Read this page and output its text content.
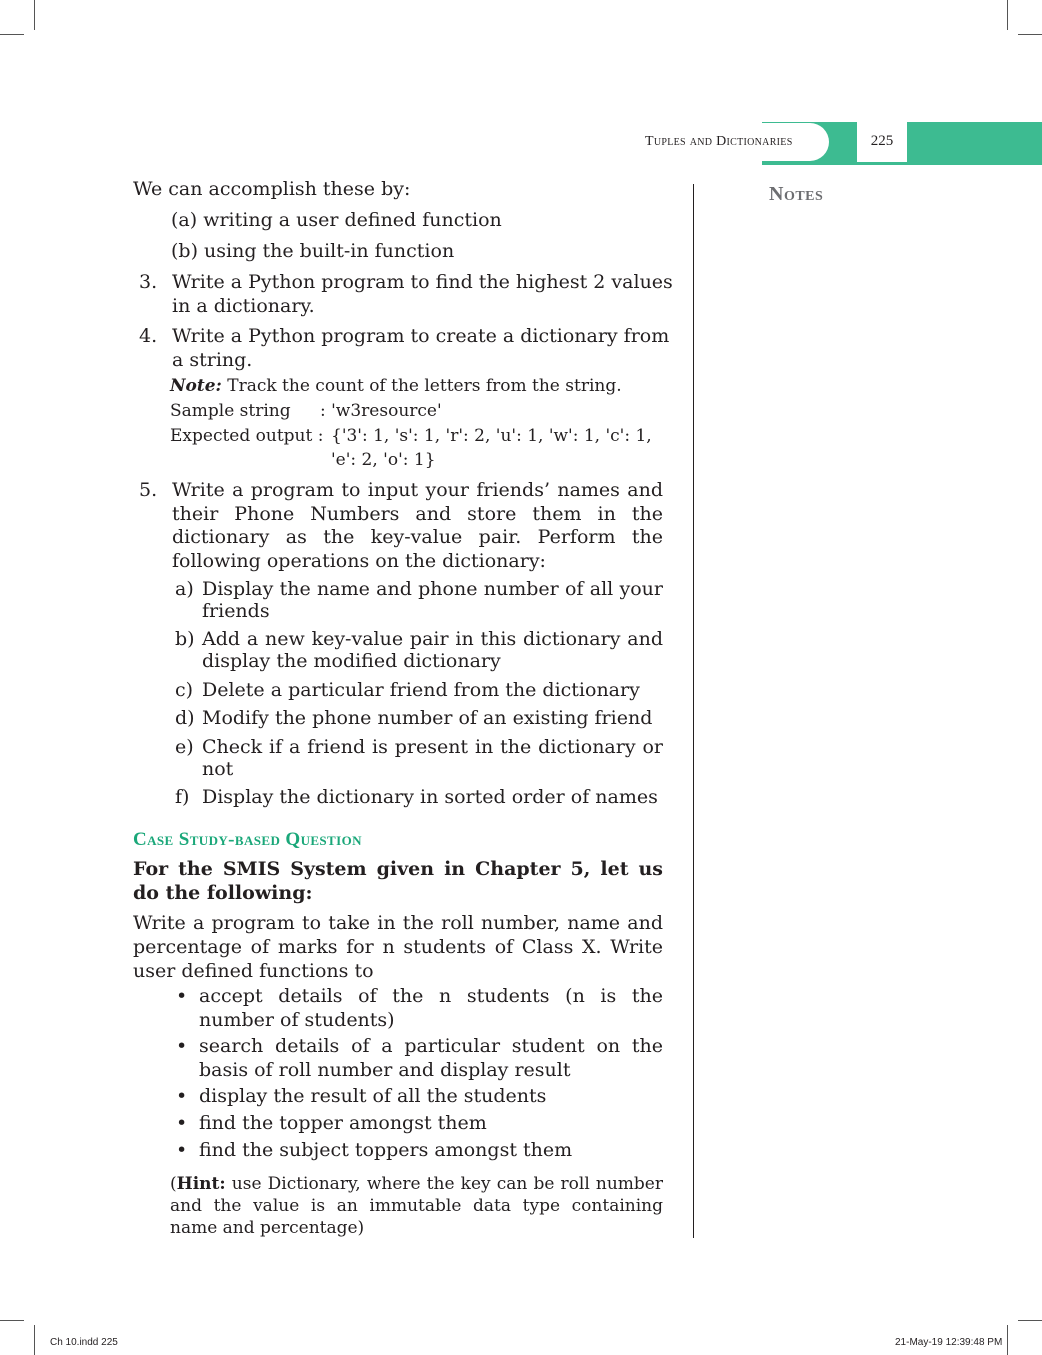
Tuples and Dictionaries	225
Notes
We can accomplish these by:
(a) writing a user defined function
(b) using the built-in function
3. Write a Python program to find the highest 2 values
in a dictionary.
4. Write a Python program to create a dictionary from
a string.
Note: Track the count of the letters from the string.
Sample string : 'w3resource'
Expected output : {'3': 1, 's': 1, 'r': 2, 'u': 1, 'w': 1, 'c': 1,
'e': 2, 'o': 1}
5. Write a program to input your friends’ names and their Phone Numbers and store them in the dictionary as the key-value pair. Perform the following operations on the dictionary:
a) Display the name and phone number of all your friends
b) Add a new key-value pair in this dictionary and display the modified dictionary
c) Delete a particular friend from the dictionary
d) Modify the phone number of an existing friend
e) Check if a friend is present in the dictionary or not
f) Display the dictionary in sorted order of names
Case Study-based Question
For the SMIS System given in Chapter 5, let us do the following:
Write a program to take in the roll number, name and percentage of marks for n students of Class X. Write user defined functions to
• accept details of the n students (n is the number of students)
• search details of a particular student on the basis of roll number and display result
• display the result of all the students
• find the topper amongst them
• find the subject toppers amongst them
(Hint: use Dictionary, where the key can be roll number and the value is an immutable data type containing name and percentage)
Ch 10.indd 225	21-May-19 12:39:48 PM
